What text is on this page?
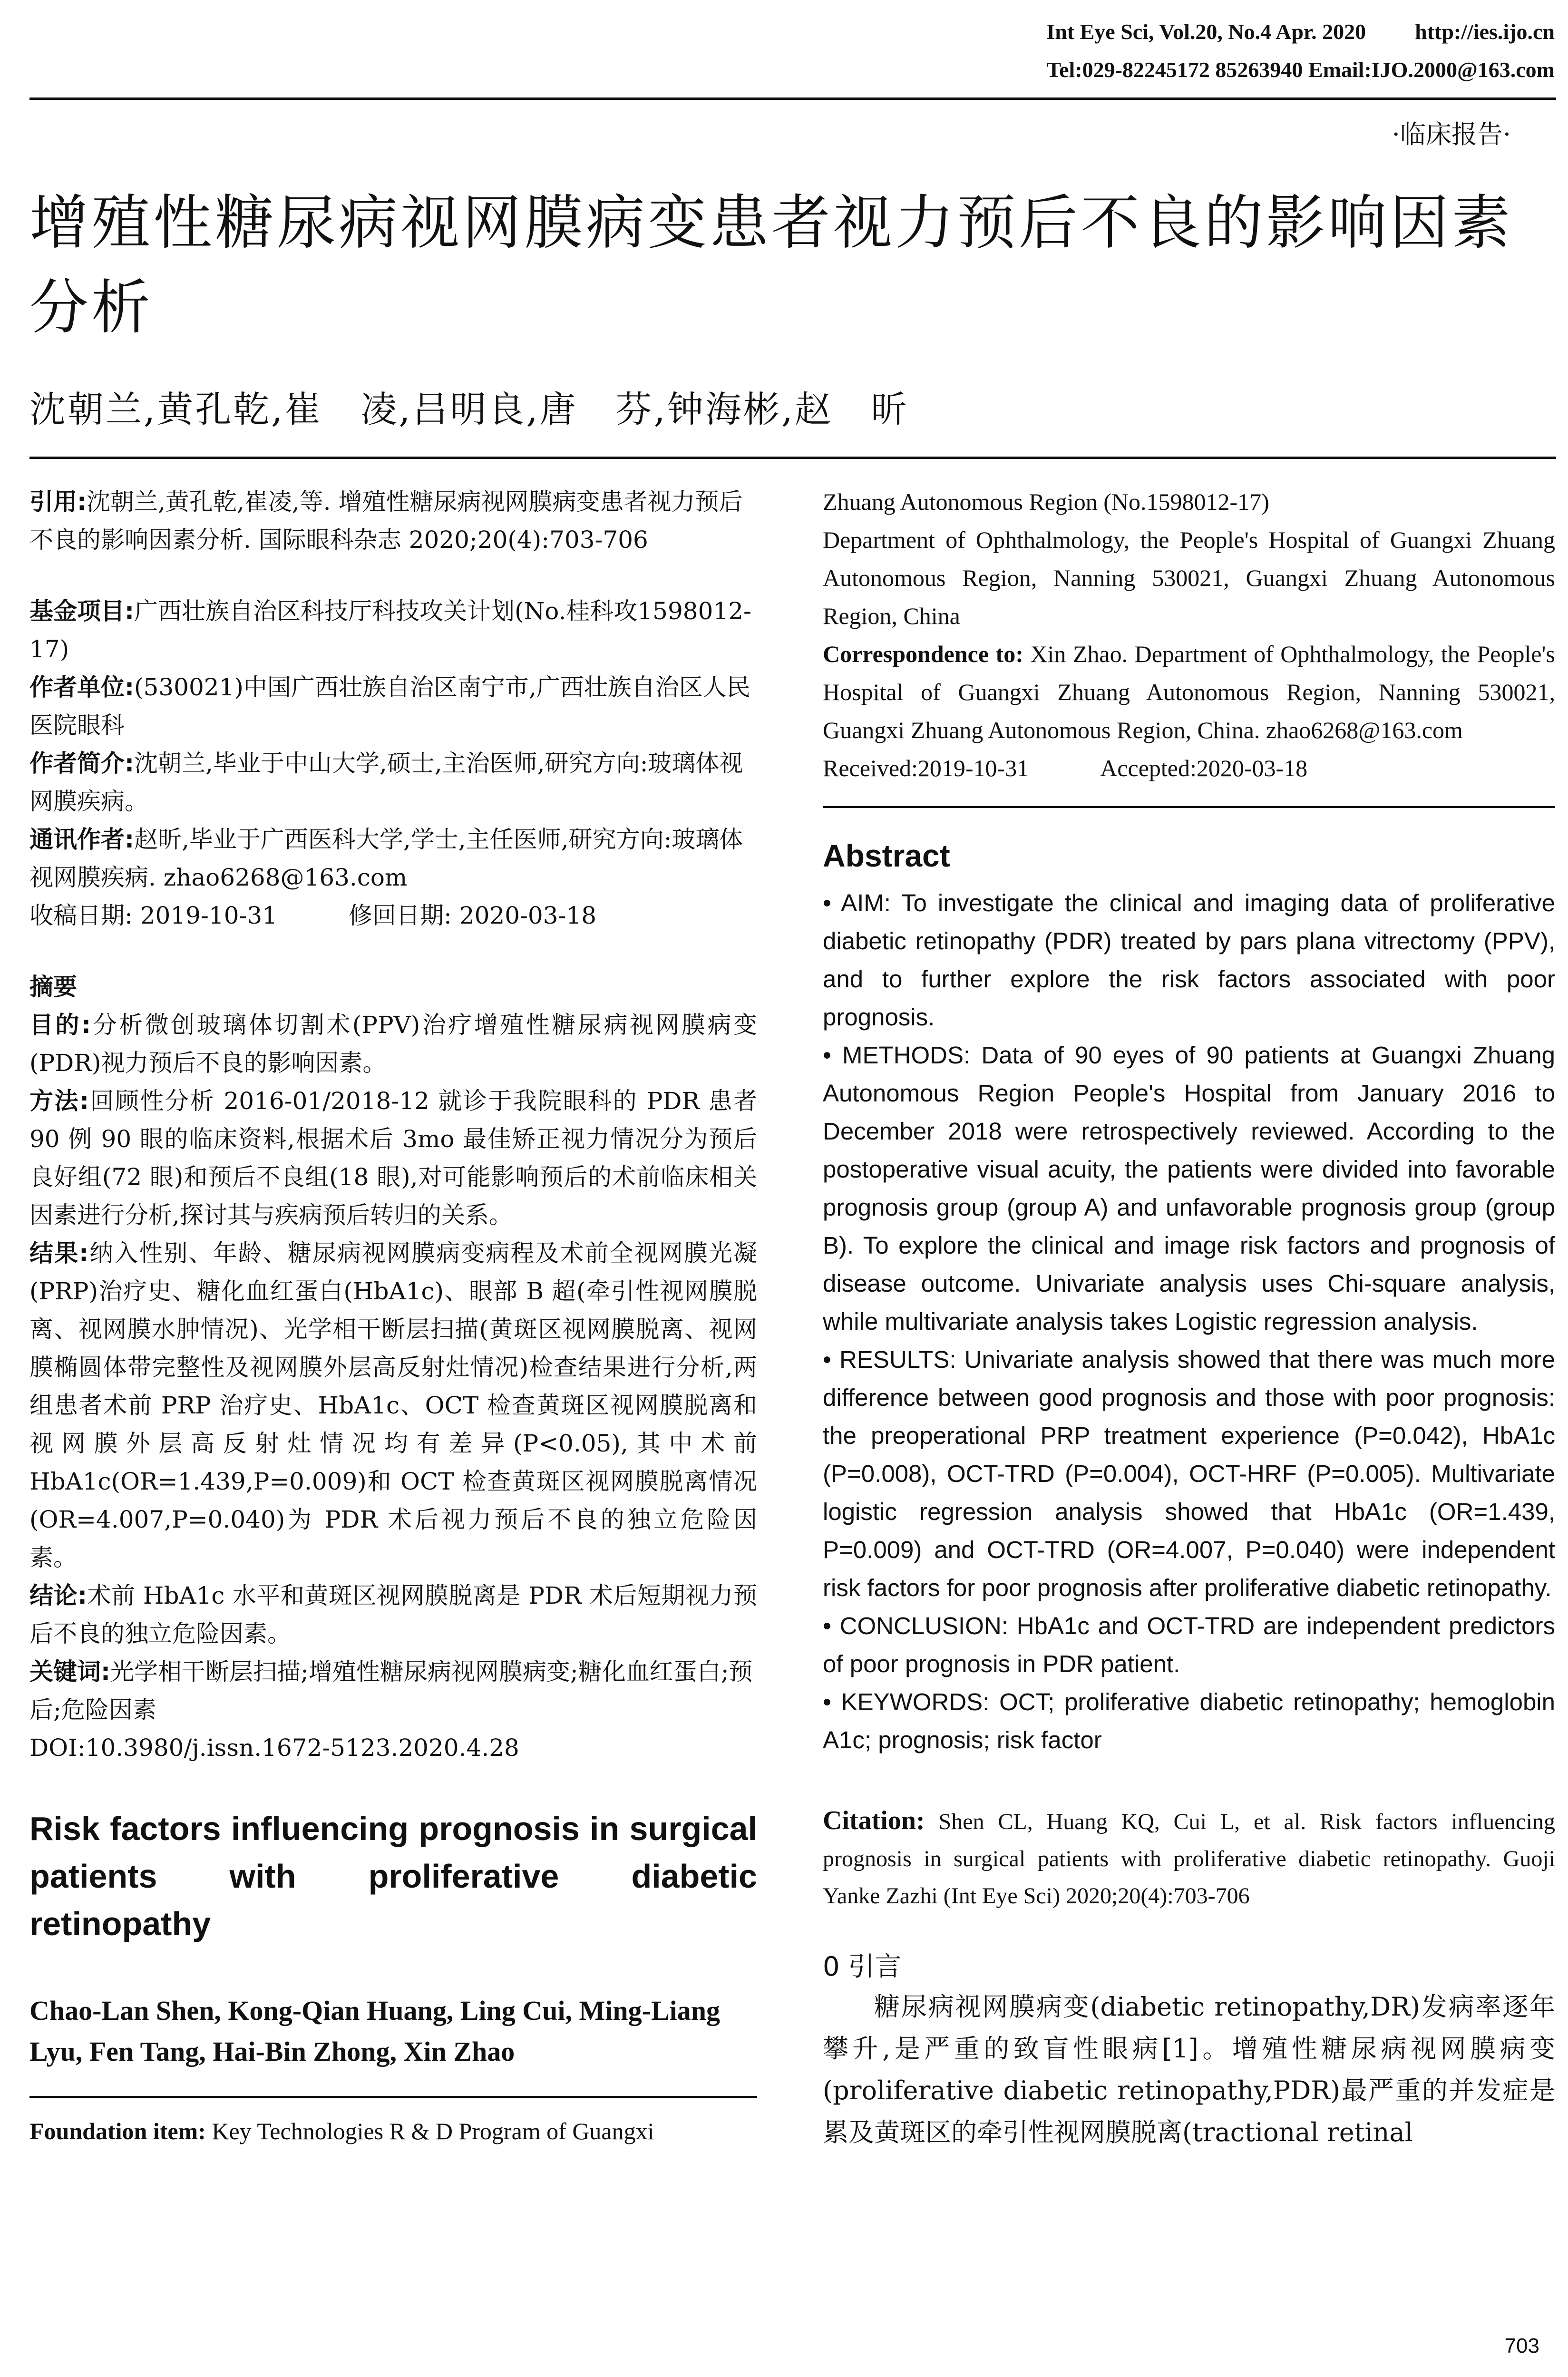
Int Eye Sci, Vol.20, No.4 Apr. 2020 http://ies.ijo.cn
Tel:029-82245172 85263940 Email:IJO.2000@163.com
·临床报告·
增殖性糖尿病视网膜病变患者视力预后不良的影响因素分析
沈朝兰,黄孔乾,崔　凌,吕明良,唐　芬,钟海彬,赵　昕

引用:沈朝兰,黄孔乾,崔凌,等. 增殖性糖尿病视网膜病变患者视力预后不良的影响因素分析. 国际眼科杂志 2020;20(4):703-706

基金项目:广西壮族自治区科技厅科技攻关计划(No.桂科攻1598012-17)

作者单位:(530021)中国广西壮族自治区南宁市,广西壮族自治区人民医院眼科

作者简介:沈朝兰,毕业于中山大学,硕士,主治医师,研究方向:玻璃体视网膜疾病。

通讯作者:赵昕,毕业于广西医科大学,学士,主任医师,研究方向:玻璃体视网膜疾病. zhao6268@163.com

收稿日期: 2019-10-31　　　修回日期: 2020-03-18

摘要

目的:分析微创玻璃体切割术(PPV)治疗增殖性糖尿病视网膜病变(PDR)视力预后不良的影响因素。

方法:回顾性分析 2016-01/2018-12 就诊于我院眼科的 PDR 患者 90 例 90 眼的临床资料,根据术后 3mo 最佳矫正视力情况分为预后良好组(72 眼)和预后不良组(18 眼),对可能影响预后的术前临床相关因素进行分析,探讨其与疾病预后转归的关系。

结果:纳入性别、年龄、糖尿病视网膜病变病程及术前全视网膜光凝(PRP)治疗史、糖化血红蛋白(HbA1c)、眼部 B 超(牵引性视网膜脱离、视网膜水肿情况)、光学相干断层扫描(黄斑区视网膜脱离、视网膜椭圆体带完整性及视网膜外层高反射灶情况)检查结果进行分析,两组患者术前 PRP 治疗史、HbA1c、OCT 检查黄斑区视网膜脱离和视网膜外层高反射灶情况均有差异(P<0.05),其中术前 HbA1c(OR=1.439,P=0.009)和 OCT 检查黄斑区视网膜脱离情况(OR=4.007,P=0.040)为 PDR 术后视力预后不良的独立危险因素。

结论:术前 HbA1c 水平和黄斑区视网膜脱离是 PDR 术后短期视力预后不良的独立危险因素。

关键词:光学相干断层扫描;增殖性糖尿病视网膜病变;糖化血红蛋白;预后;危险因素

DOI:10.3980/j.issn.1672-5123.2020.4.28

Risk factors influencing prognosis in surgical patients with proliferative diabetic retinopathy

Chao-Lan Shen, Kong-Qian Huang, Ling Cui, Ming-Liang Lyu, Fen Tang, Hai-Bin Zhong, Xin Zhao

Foundation item: Key Technologies R & D Program of Guangxi

Zhuang Autonomous Region (No.1598012-17)

Department of Ophthalmology, the People's Hospital of Guangxi Zhuang Autonomous Region, Nanning 530021, Guangxi Zhuang Autonomous Region, China

Correspondence to: Xin Zhao. Department of Ophthalmology, the People's Hospital of Guangxi Zhuang Autonomous Region, Nanning 530021, Guangxi Zhuang Autonomous Region, China. zhao6268@163.com

Received:2019-10-31　　　Accepted:2020-03-18

Abstract

• AIM: To investigate the clinical and imaging data of proliferative diabetic retinopathy (PDR) treated by pars plana vitrectomy (PPV), and to further explore the risk factors associated with poor prognosis.

• METHODS: Data of 90 eyes of 90 patients at Guangxi Zhuang Autonomous Region People's Hospital from January 2016 to December 2018 were retrospectively reviewed. According to the postoperative visual acuity, the patients were divided into favorable prognosis group (group A) and unfavorable prognosis group (group B). To explore the clinical and image risk factors and prognosis of disease outcome. Univariate analysis uses Chi-square analysis, while multivariate analysis takes Logistic regression analysis.

• RESULTS: Univariate analysis showed that there was much more difference between good prognosis and those with poor prognosis: the preoperational PRP treatment experience (P=0.042), HbA1c (P=0.008), OCT-TRD (P=0.004), OCT-HRF (P=0.005). Multivariate logistic regression analysis showed that HbA1c (OR=1.439, P=0.009) and OCT-TRD (OR=4.007, P=0.040) were independent risk factors for poor prognosis after proliferative diabetic retinopathy.

• CONCLUSION: HbA1c and OCT-TRD are independent predictors of poor prognosis in PDR patient.

• KEYWORDS: OCT; proliferative diabetic retinopathy; hemoglobin A1c; prognosis; risk factor

Citation: Shen CL, Huang KQ, Cui L, et al. Risk factors influencing prognosis in surgical patients with proliferative diabetic retinopathy. Guoji Yanke Zazhi (Int Eye Sci) 2020;20(4):703-706

0 引言

糖尿病视网膜病变(diabetic retinopathy,DR)发病率逐年攀升,是严重的致盲性眼病[1]。增殖性糖尿病视网膜病变(proliferative diabetic retinopathy,PDR)最严重的并发症是累及黄斑区的牵引性视网膜脱离(tractional retinal

703
